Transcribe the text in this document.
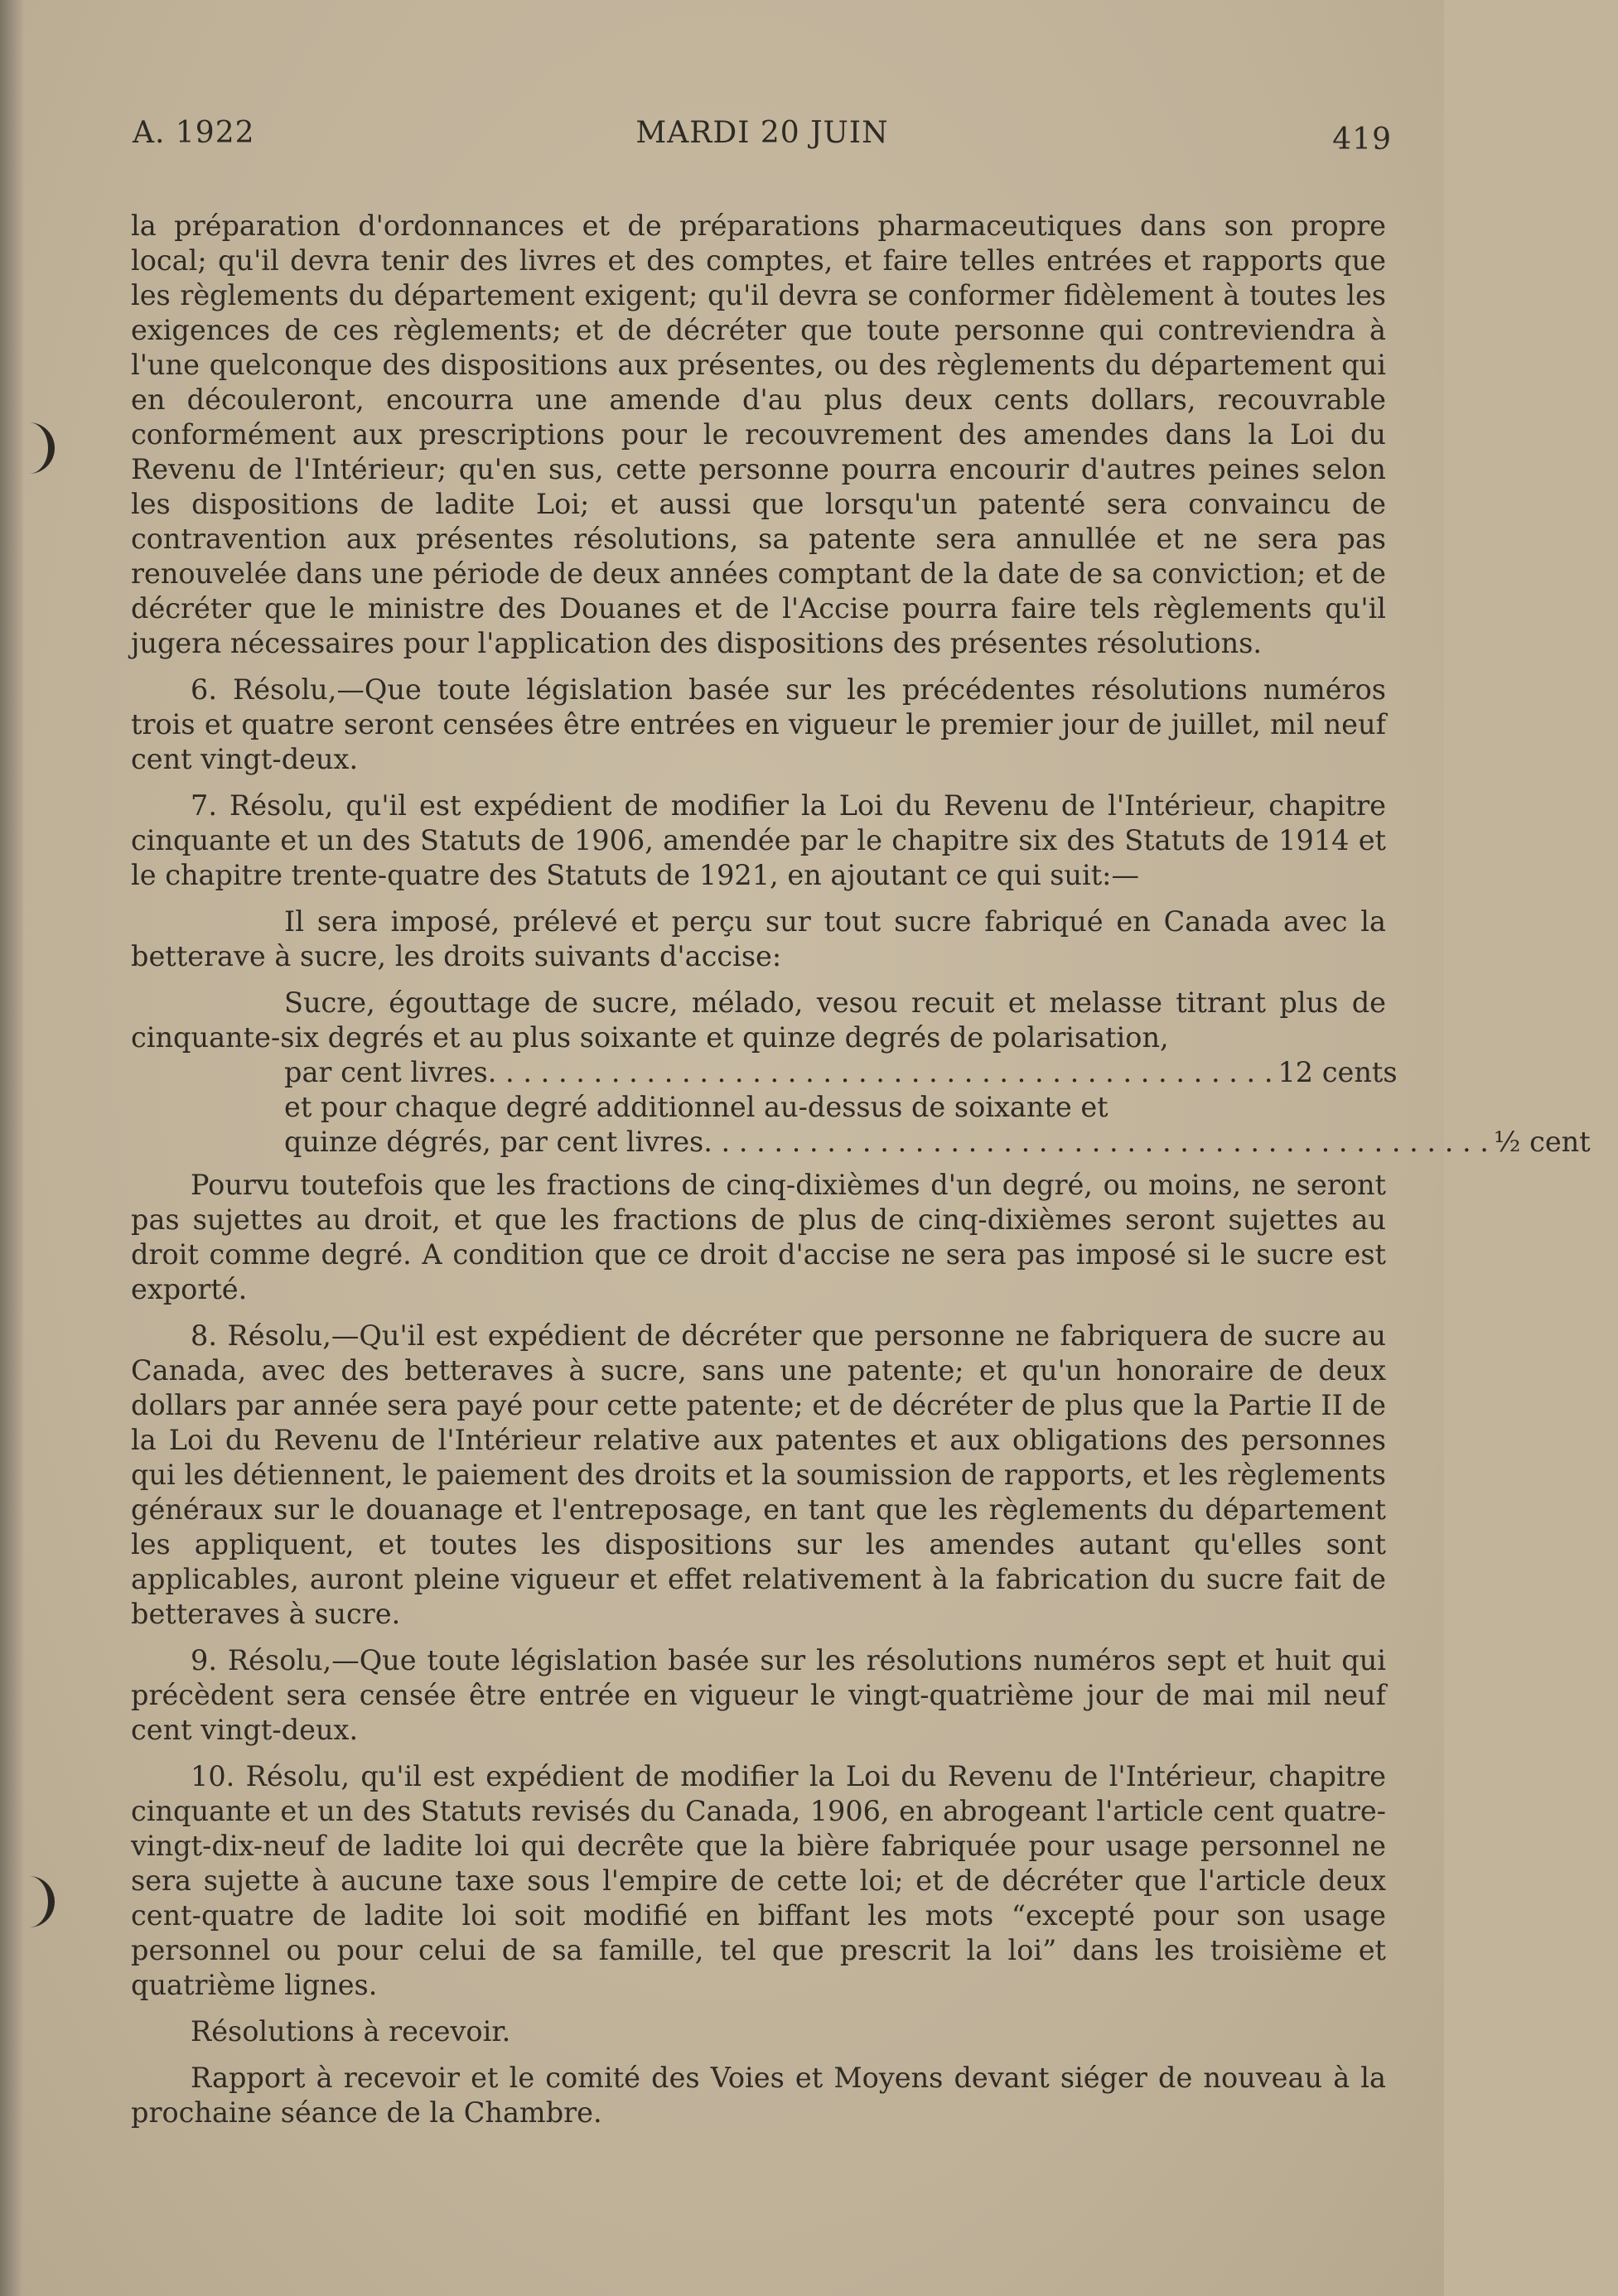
A. 1922	MARDI 20 JUIN	419

la préparation d'ordonnances et de préparations pharmaceutiques dans son propre local; qu'il devra tenir des livres et des comptes, et faire telles entrées et rapports que les règlements du département exigent; qu'il devra se conformer fidèlement à toutes les exigences de ces règlements; et de décréter que toute personne qui contreviendra à l'une quelconque des dispositions aux présentes, ou des règlements du département qui en découleront, encourra une amende d'au plus deux cents dollars, recouvrable conformément aux prescriptions pour le recouvrement des amendes dans la Loi du Revenu de l'Intérieur; qu'en sus, cette personne pourra encourir d'autres peines selon les dispositions de ladite Loi; et aussi que lorsqu'un patenté sera convaincu de contravention aux présentes résolutions, sa patente sera annullée et ne sera pas renouvelée dans une période de deux années comptant de la date de sa conviction; et de décréter que le ministre des Douanes et de l'Accise pourra faire tels règlements qu'il jugera nécessaires pour l'application des dispositions des présentes résolutions.

6. Résolu,—Que toute législation basée sur les précédentes résolutions numéros trois et quatre seront censées être entrées en vigueur le premier jour de juillet, mil neuf cent vingt-deux.

7. Résolu, qu'il est expédient de modifier la Loi du Revenu de l'Intérieur, chapitre cinquante et un des Statuts de 1906, amendée par le chapitre six des Statuts de 1914 et le chapitre trente-quatre des Statuts de 1921, en ajoutant ce qui suit:—

Il sera imposé, prélevé et perçu sur tout sucre fabriqué en Canada avec la betterave à sucre, les droits suivants d'accise:

Sucre, égouttage de sucre, mélado, vesou recuit et melasse titrant plus de cinquante-six degrés et au plus soixante et quinze degrés de polarisation,

par cent livres . . . . . . . . . . . . . . . . . . . . . . . . . . . . . . . . . . . . . . . . . . . . . 12 cents
et pour chaque degré additionnel au-dessus de soixante et
quinze dégrés, par cent livres . . . . . . . . . . . . . . . . . . . . . . . . . . . . . . . . . . . . . . . . . . . . . ½ cent

Pourvu toutefois que les fractions de cinq-dixièmes d'un degré, ou moins, ne seront pas sujettes au droit, et que les fractions de plus de cinq-dixièmes seront sujettes au droit comme degré. A condition que ce droit d'accise ne sera pas imposé si le sucre est exporté.

8. Résolu,—Qu'il est expédient de décréter que personne ne fabriquera de sucre au Canada, avec des betteraves à sucre, sans une patente; et qu'un honoraire de deux dollars par année sera payé pour cette patente; et de décréter de plus que la Partie II de la Loi du Revenu de l'Intérieur relative aux patentes et aux obligations des personnes qui les détiennent, le paiement des droits et la soumission de rapports, et les règlements généraux sur le douanage et l'entreposage, en tant que les règlements du département les appliquent, et toutes les dispositions sur les amendes autant qu'elles sont applicables, auront pleine vigueur et effet relativement à la fabrication du sucre fait de betteraves à sucre.

9. Résolu,—Que toute législation basée sur les résolutions numéros sept et huit qui précèdent sera censée être entrée en vigueur le vingt-quatrième jour de mai mil neuf cent vingt-deux.

10. Résolu, qu'il est expédient de modifier la Loi du Revenu de l'Intérieur, chapitre cinquante et un des Statuts revisés du Canada, 1906, en abrogeant l'article cent quatre-vingt-dix-neuf de ladite loi qui decrête que la bière fabriquée pour usage personnel ne sera sujette à aucune taxe sous l'empire de cette loi; et de décréter que l'article deux cent-quatre de ladite loi soit modifié en biffant les mots “excepté pour son usage personnel ou pour celui de sa famille, tel que prescrit la loi” dans les troisième et quatrième lignes.

Résolutions à recevoir.

Rapport à recevoir et le comité des Voies et Moyens devant siéger de nouveau à la prochaine séance de la Chambre.
